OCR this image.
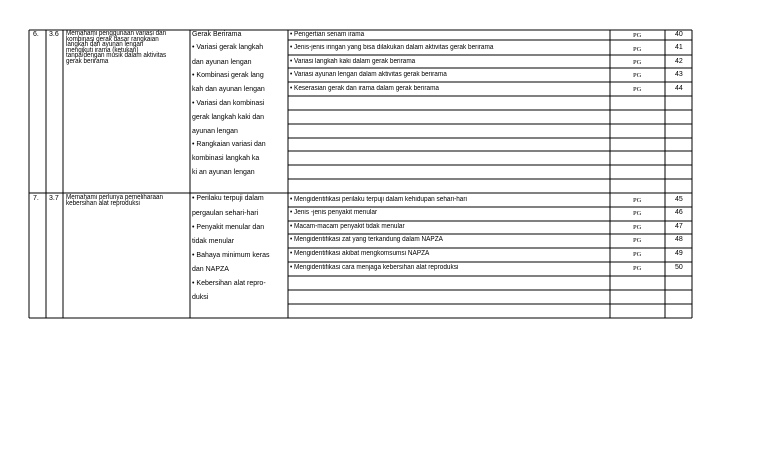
6. 3.6 Memahami penggunaan variasi dan
kombinasi gerak dasar rangkaian
langkah dan ayunan lengan
mengikuti irama (ketukan)
tanpa/dengan musik dalam aktivitas
gerak berirama
Gerak Berirama
• Variasi gerak langkah
dan ayunan lengan
• Kombinasi gerak lang
kah dan ayunan lengan
• Variasi dan kombinasi
gerak langkah kaki dan
ayunan lengan
• Rangkaian variasi dan
kombinasi langkah ka
ki an ayunan lengan
• Pengertian senam irama
• Jenis-jenis iringan yang bisa dilakukan dalam aktivitas gerak berirama
• Variasi langkah kaki dalam gerak berirama
• Variasi ayunan lengan dalam aktivitas gerak berirama
• Keserasian gerak dan irama dalam gerak berirama
PG
PG
PG
PG
PG
40
41
42
43
44
7. 3.7 Memahami perlunya pemeliharaan
kebersihan alat reproduksi
• Perilaku terpuji dalam
pergaulan sehari-hari
• Penyakit menular dan
tidak menular
• Bahaya minimum keras
dan NAPZA
• Kebersihan alat repro-
duksi
• Mengidentifikasi perilaku terpuji dalam kehidupan sehari-hari
• Jenis -jenis penyakit menular
• Macam-macam penyakit tidak menular
• Mengidentifikasi zat yang terkandung dalam NAPZA
• Mengidentifikasi akibat mengkomsumsi NAPZA
• Mengidentifikasi cara menjaga kebersihan alat reproduksi
PG
PG
PG
PG
PG
PG
45
46
47
48
49
50
